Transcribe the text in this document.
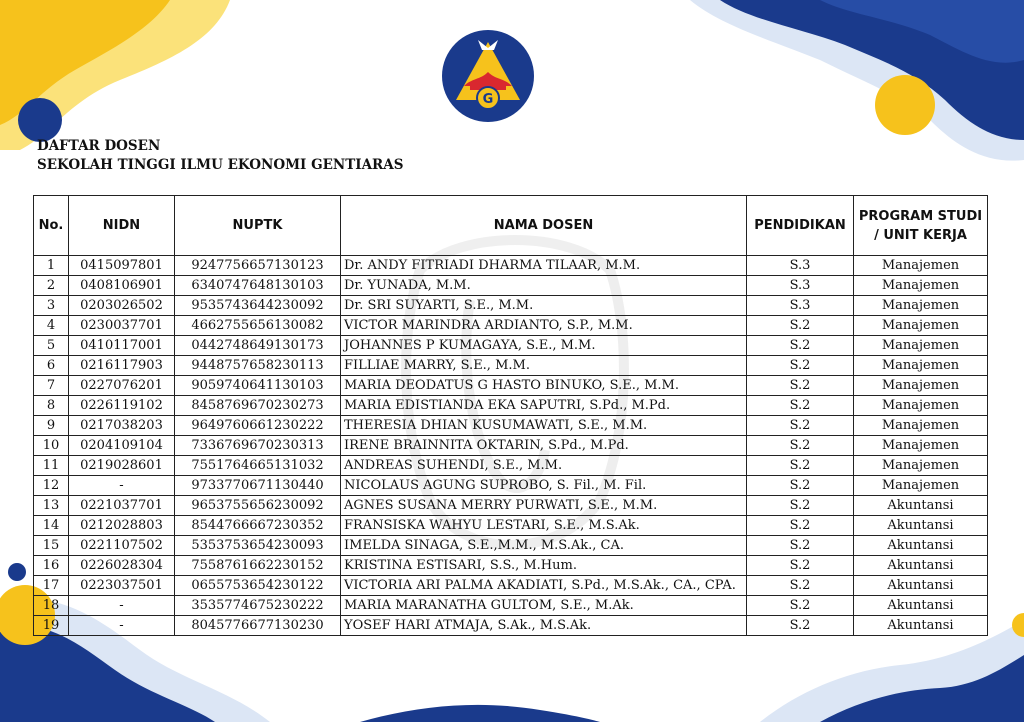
G
DAFTAR DOSEN
SEKOLAH TINGGI ILMU EKONOMI GENTIARAS
No.	NIDN	NUPTK	NAMA DOSEN	PENDIDIKAN	PROGRAM STUDI / UNIT KERJA
1	0415097801	9247756657130123	Dr. ANDY FITRIADI DHARMA TILAAR, M.M.	S.3	Manajemen
2	0408106901	6340747648130103	Dr. YUNADA, M.M.	S.3	Manajemen
3	0203026502	9535743644230092	Dr. SRI SUYARTI, S.E., M.M.	S.3	Manajemen
4	0230037701	4662755656130082	VICTOR MARINDRA ARDIANTO, S.P., M.M.	S.2	Manajemen
5	0410117001	0442748649130173	JOHANNES P KUMAGAYA, S.E., M.M.	S.2	Manajemen
6	0216117903	9448757658230113	FILLIAE MARRY, S.E., M.M.	S.2	Manajemen
7	0227076201	9059740641130103	MARIA DEODATUS G HASTO BINUKO, S.E., M.M.	S.2	Manajemen
8	0226119102	8458769670230273	MARIA EDISTIANDA EKA SAPUTRI, S.Pd., M.Pd.	S.2	Manajemen
9	0217038203	9649760661230222	THERESIA DHIAN KUSUMAWATI, S.E., M.M.	S.2	Manajemen
10	0204109104	7336769670230313	IRENE BRAINNITA OKTARIN, S.Pd., M.Pd.	S.2	Manajemen
11	0219028601	7551764665131032	ANDREAS SUHENDI, S.E., M.M.	S.2	Manajemen
12	-	9733770671130440	NICOLAUS AGUNG SUPROBO, S. Fil., M. Fil.	S.2	Manajemen
13	0221037701	9653755656230092	AGNES SUSANA MERRY PURWATI, S.E., M.M.	S.2	Akuntansi
14	0212028803	8544766667230352	FRANSISKA WAHYU LESTARI, S.E., M.S.Ak.	S.2	Akuntansi
15	0221107502	5353753654230093	IMELDA SINAGA, S.E.,M.M., M.S.Ak., CA.	S.2	Akuntansi
16	0226028304	7558761662230152	KRISTINA ESTISARI, S.S., M.Hum.	S.2	Akuntansi
17	0223037501	0655753654230122	VICTORIA ARI PALMA AKADIATI, S.Pd., M.S.Ak., CA., CPA.	S.2	Akuntansi
18	-	3535774675230222	MARIA MARANATHA GULTOM, S.E., M.Ak.	S.2	Akuntansi
19	-	8045776677130230	YOSEF HARI ATMAJA, S.Ak., M.S.Ak.	S.2	Akuntansi
